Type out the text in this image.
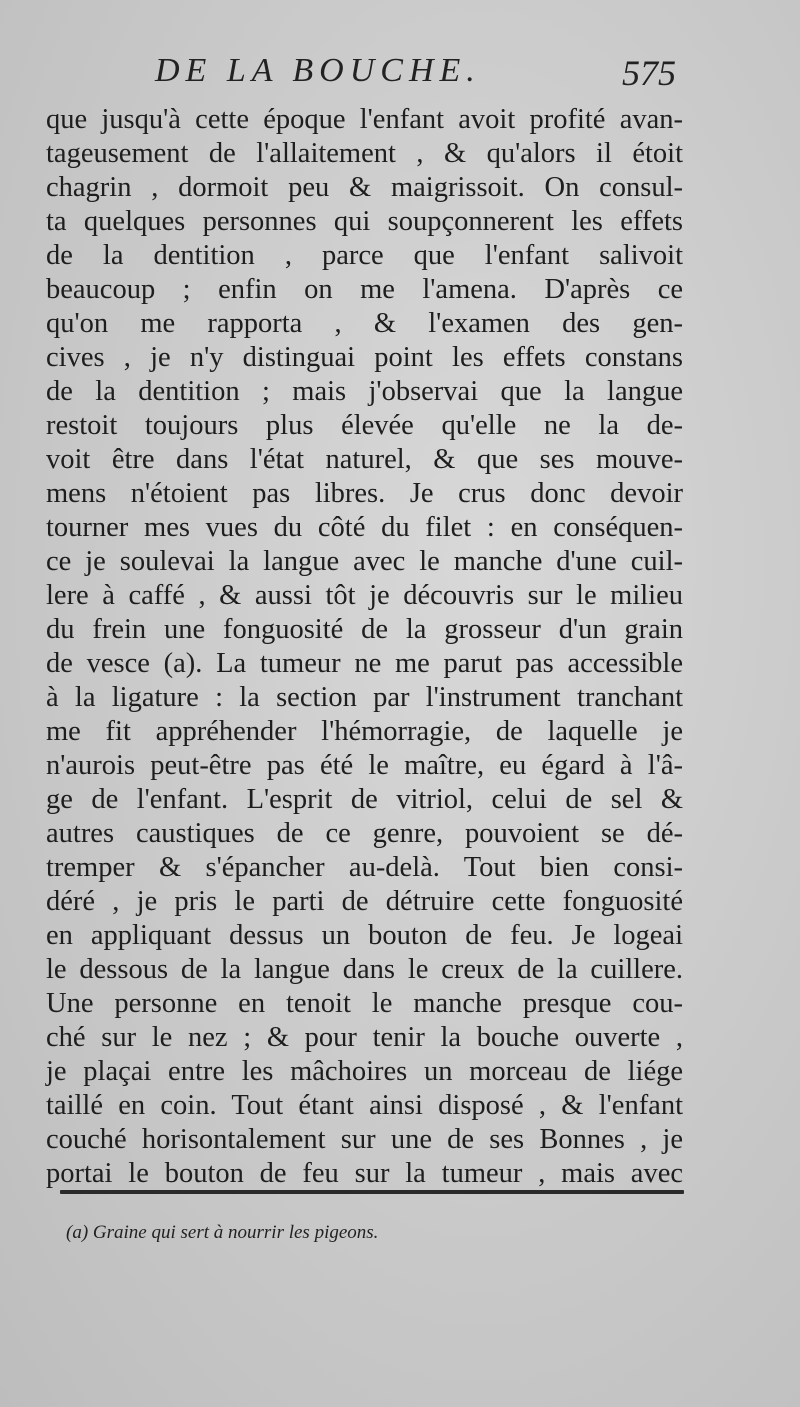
DE LA BOUCHE.	575
que jusqu'à cette époque l'enfant avoit profité avan-
tageusement de l'allaitement , & qu'alors il étoit
chagrin , dormoit peu & maigrissoit. On consul-
ta quelques personnes qui soupçonnerent les effets
de la dentition , parce que l'enfant salivoit
beaucoup ; enfin on me l'amena. D'après ce
qu'on me rapporta , & l'examen des gen-
cives , je n'y distinguai point les effets constans
de la dentition ; mais j'observai que la langue
restoit toujours plus élevée qu'elle ne la de-
voit être dans l'état naturel, & que ses mouve-
mens n'étoient pas libres. Je crus donc devoir
tourner mes vues du côté du filet : en conséquen-
ce je soulevai la langue avec le manche d'une cuil-
lere à caffé , & aussi tôt je découvris sur le milieu
du frein une fonguosité de la grosseur d'un grain
de vesce (a). La tumeur ne me parut pas accessible
à la ligature : la section par l'instrument tranchant
me fit appréhender l'hémorragie, de laquelle je
n'aurois peut-être pas été le maître, eu égard à l'â-
ge de l'enfant. L'esprit de vitriol, celui de sel &
autres caustiques de ce genre, pouvoient se dé-
tremper & s'épancher au-delà. Tout bien consi-
déré , je pris le parti de détruire cette fonguosité
en appliquant dessus un bouton de feu. Je logeai
le dessous de la langue dans le creux de la cuillere.
Une personne en tenoit le manche presque cou-
ché sur le nez ; & pour tenir la bouche ouverte ,
je plaçai entre les mâchoires un morceau de liége
taillé en coin. Tout étant ainsi disposé , & l'enfant
couché horisontalement sur une de ses Bonnes , je
portai le bouton de feu sur la tumeur , mais avec
(a) Graine qui sert à nourrir les pigeons.
